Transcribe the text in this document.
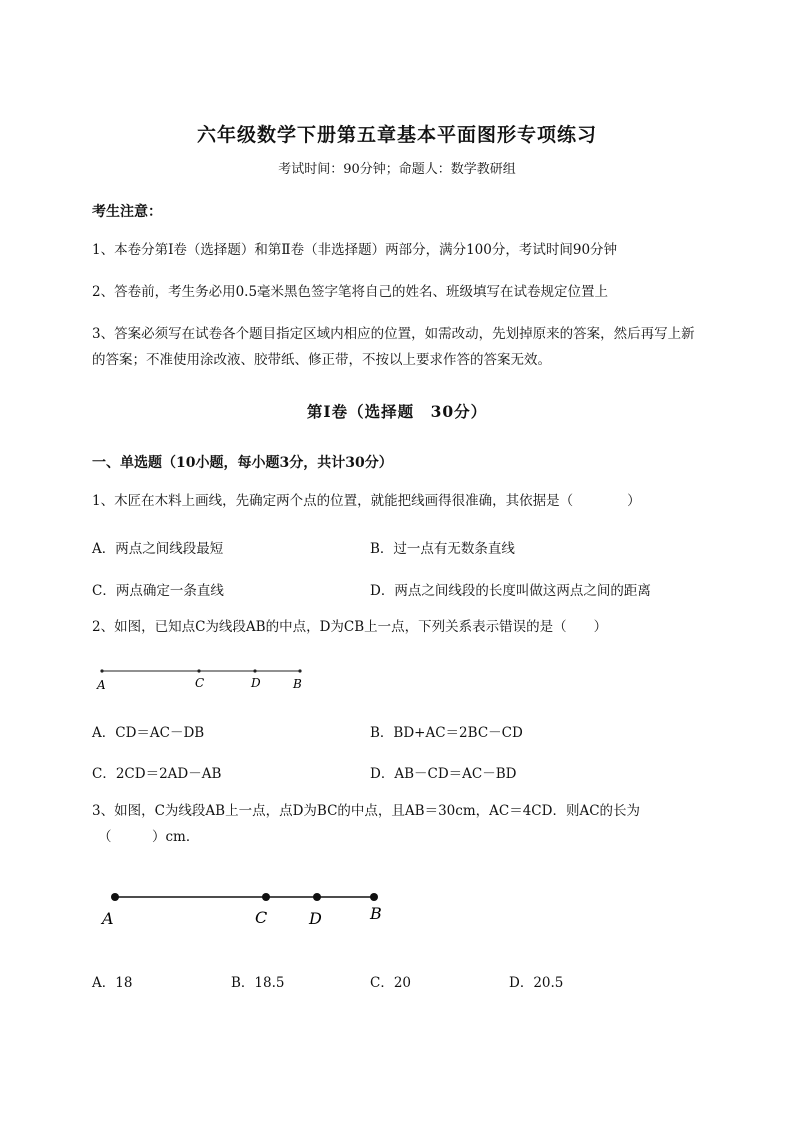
六年级数学下册第五章基本平面图形专项练习
考试时间：90分钟；命题人：数学教研组
考生注意：
1、本卷分第Ⅰ卷（选择题）和第Ⅱ卷（非选择题）两部分，满分100分，考试时间90分钟
2、答卷前，考生务必用0.5毫米黑色签字笔将自己的姓名、班级填写在试卷规定位置上
3、答案必须写在试卷各个题目指定区域内相应的位置，如需改动，先划掉原来的答案，然后再写上新
的答案；不准使用涂改液、胶带纸、修正带，不按以上要求作答的答案无效。
第Ⅰ卷（选择题　30分）
一、单选题（10小题，每小题3分，共计30分）
1、木匠在木料上画线，先确定两个点的位置，就能把线画得很准确，其依据是（　　　　）
A．两点之间线段最短	B．过一点有无数条直线
C．两点确定一条直线	D．两点之间线段的长度叫做这两点之间的距离
2、如图，已知点C为线段AB的中点，D为CB上一点，下列关系表示错误的是（　　）
A	C	D	B
A．CD＝AC－DB	B．BD+AC＝2BC－CD
C．2CD＝2AD－AB	D．AB－CD＝AC－BD
3、如图，C为线段AB上一点，点D为BC的中点，且AB＝30cm，AC＝4CD．则AC的长为
（　　　）cm．
A	C	D	B
A．18	B．18.5	C．20	D．20.5
